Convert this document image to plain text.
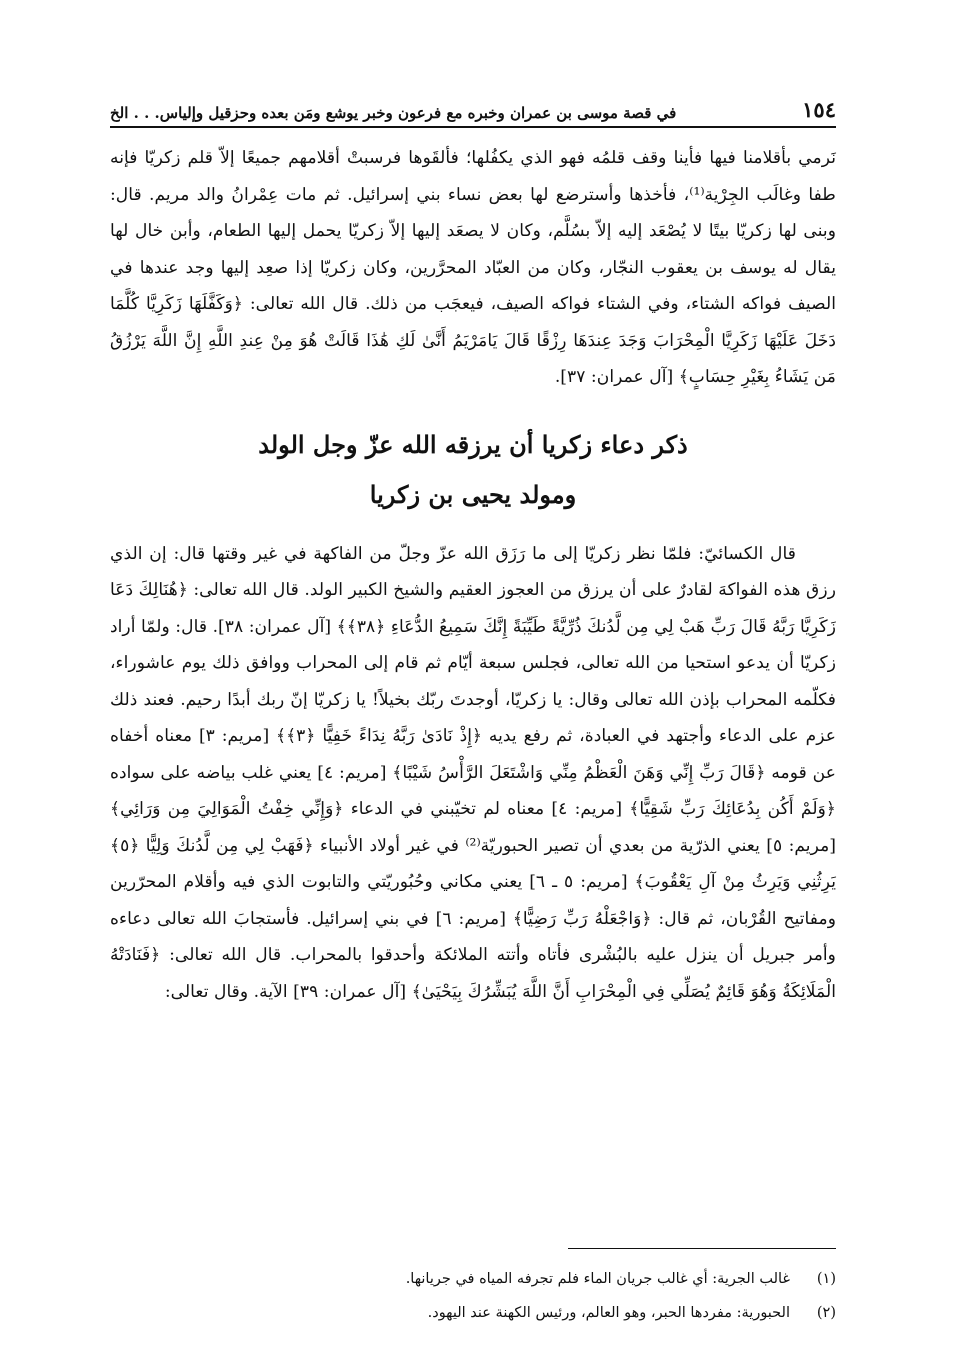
١٥٤
في قصة موسى بن عمران وخبره مع فرعون وخبر يوشع ومَن بعده وحزقيل وإلياس. . . الخ

نَرمي بأقلامنا فيها فأينا وقف قلمُه فهو الذي يكفُلها؛ فألقَوها فرسبتْ أقلامهم جميعًا إلاّ قلم زكريّا فإنه طفا وغالَب الجِرْية⁽¹⁾، فأخذها وأسترضع لها بعض نساء بني إسرائيل. ثم مات عِمْرانُ والد مريم. قال: وبنى لها زكريّا بيتًا لا يُصْعَد إليه إلاّ بسُلَّم، وكان لا يصعَد إليها إلاّ زكريّا يحمل إليها الطعام، وأبن خال لها يقال له يوسف بن يعقوب النجّار، وكان من العبّاد المحرَّرين، وكان زكريّا إذا صعِد إليها وجد عندها في الصيف فواكه الشتاء، وفي الشتاء فواكه الصيف، فيعجَب من ذلك. قال الله تعالى: ﴿وَكَفَّلَهَا زَكَرِيَّا كُلَّمَا دَخَلَ عَلَيْهَا زَكَرِيَّا الْمِحْرَابَ وَجَدَ عِندَهَا رِزْقًا قَالَ يَامَرْيَمُ أَنَّىٰ لَكِ هَٰذَا قَالَتْ هُوَ مِنْ عِندِ اللَّهِ إِنَّ اللَّهَ يَرْزُقُ مَن يَشَاءُ بِغَيْرِ حِسَابٍ﴾ [آل عمران: ٣٧].

ذكر دعاء زكريا أن يرزقه الله عزّ وجل الولد
ومولد يحيى بن زكريا

قال الكسائيّ: فلمّا نظر زكريّا إلى ما رَزَق الله عزّ وجلّ من الفاكهة في غير وقتها قال: إن الذي رزق هذه الفواكهَ لقادرٌ على أن يرزق من العجوز العقيم والشيخ الكبير الولد. قال الله تعالى: ﴿هُنَالِكَ دَعَا زَكَرِيَّا رَبَّهُ قَالَ رَبِّ هَبْ لِي مِن لَّدُنكَ ذُرِّيَّةً طَيِّبَةً إِنَّكَ سَمِيعُ الدُّعَاءِ ﴿٣٨﴾﴾ [آل عمران: ٣٨]. قال: ولمّا أراد زكريّا أن يدعو استحيا من الله تعالى، فجلس سبعة أيّام ثم قام إلى المحراب ووافق ذلك يوم عاشوراء، فكلّمه المحراب بإذن الله تعالى وقال: يا زكريّا، أوجدتَ ربّك بخيلاً! يا زكريّا إنّ ربك أبدًا رحيم. فعند ذلك عزم على الدعاء وأجتهد في العبادة، ثم رفع يديه ﴿إِذْ نَادَىٰ رَبَّهُ نِدَاءً خَفِيًّا ﴿٣﴾﴾ [مريم: ٣] معناه أخفاه عن قومه ﴿قَالَ رَبِّ إِنِّي وَهَنَ الْعَظْمُ مِنِّي وَاشْتَعَلَ الرَّأْسُ شَيْبًا﴾ [مريم: ٤] يعني غلب بياضه على سواده ﴿وَلَمْ أَكُن بِدُعَائِكَ رَبِّ شَقِيًّا﴾ [مريم: ٤] معناه لم تخيّبني في الدعاء ﴿وَإِنِّي خِفْتُ الْمَوَالِيَ مِن وَرَائِي﴾ [مريم: ٥] يعني الذرّية من بعدي أن تصير الحبوريّة⁽²⁾ في غير أولاد الأنبياء ﴿فَهَبْ لِي مِن لَّدُنكَ وَلِيًّا ﴿٥﴾ يَرِثُنِي وَيَرِثُ مِنْ آلِ يَعْقُوبَ﴾ [مريم: ٥ ـ ٦] يعني مكاني وحُبُوريّتي والتابوت الذي فيه وأقلام المحرّرين ومفاتيح القُرْبان، ثم قال: ﴿وَاجْعَلْهُ رَبِّ رَضِيًّا﴾ [مريم: ٦] في بني إسرائيل. فأستجابَ الله تعالى دعاءه وأمر جبريل أن ينزل عليه بالبُشْرى فأتاه وأتته الملائكة وأحدقوا بالمحراب. قال الله تعالى: ﴿فَنَادَتْهُ الْمَلَائِكَةُ وَهُوَ قَائِمٌ يُصَلِّي فِي الْمِحْرَابِ أَنَّ اللَّهَ يُبَشِّرُكَ بِيَحْيَىٰ﴾ [آل عمران: ٣٩] الآية. وقال تعالى:

(١)
غالب الجرية: أي غالب جريان الماء فلم تجرفه المياه في جريانها.
(٢)
الحبورية: مفردها الحبر، وهو العالم، ورئيس الكهنة عند اليهود.
